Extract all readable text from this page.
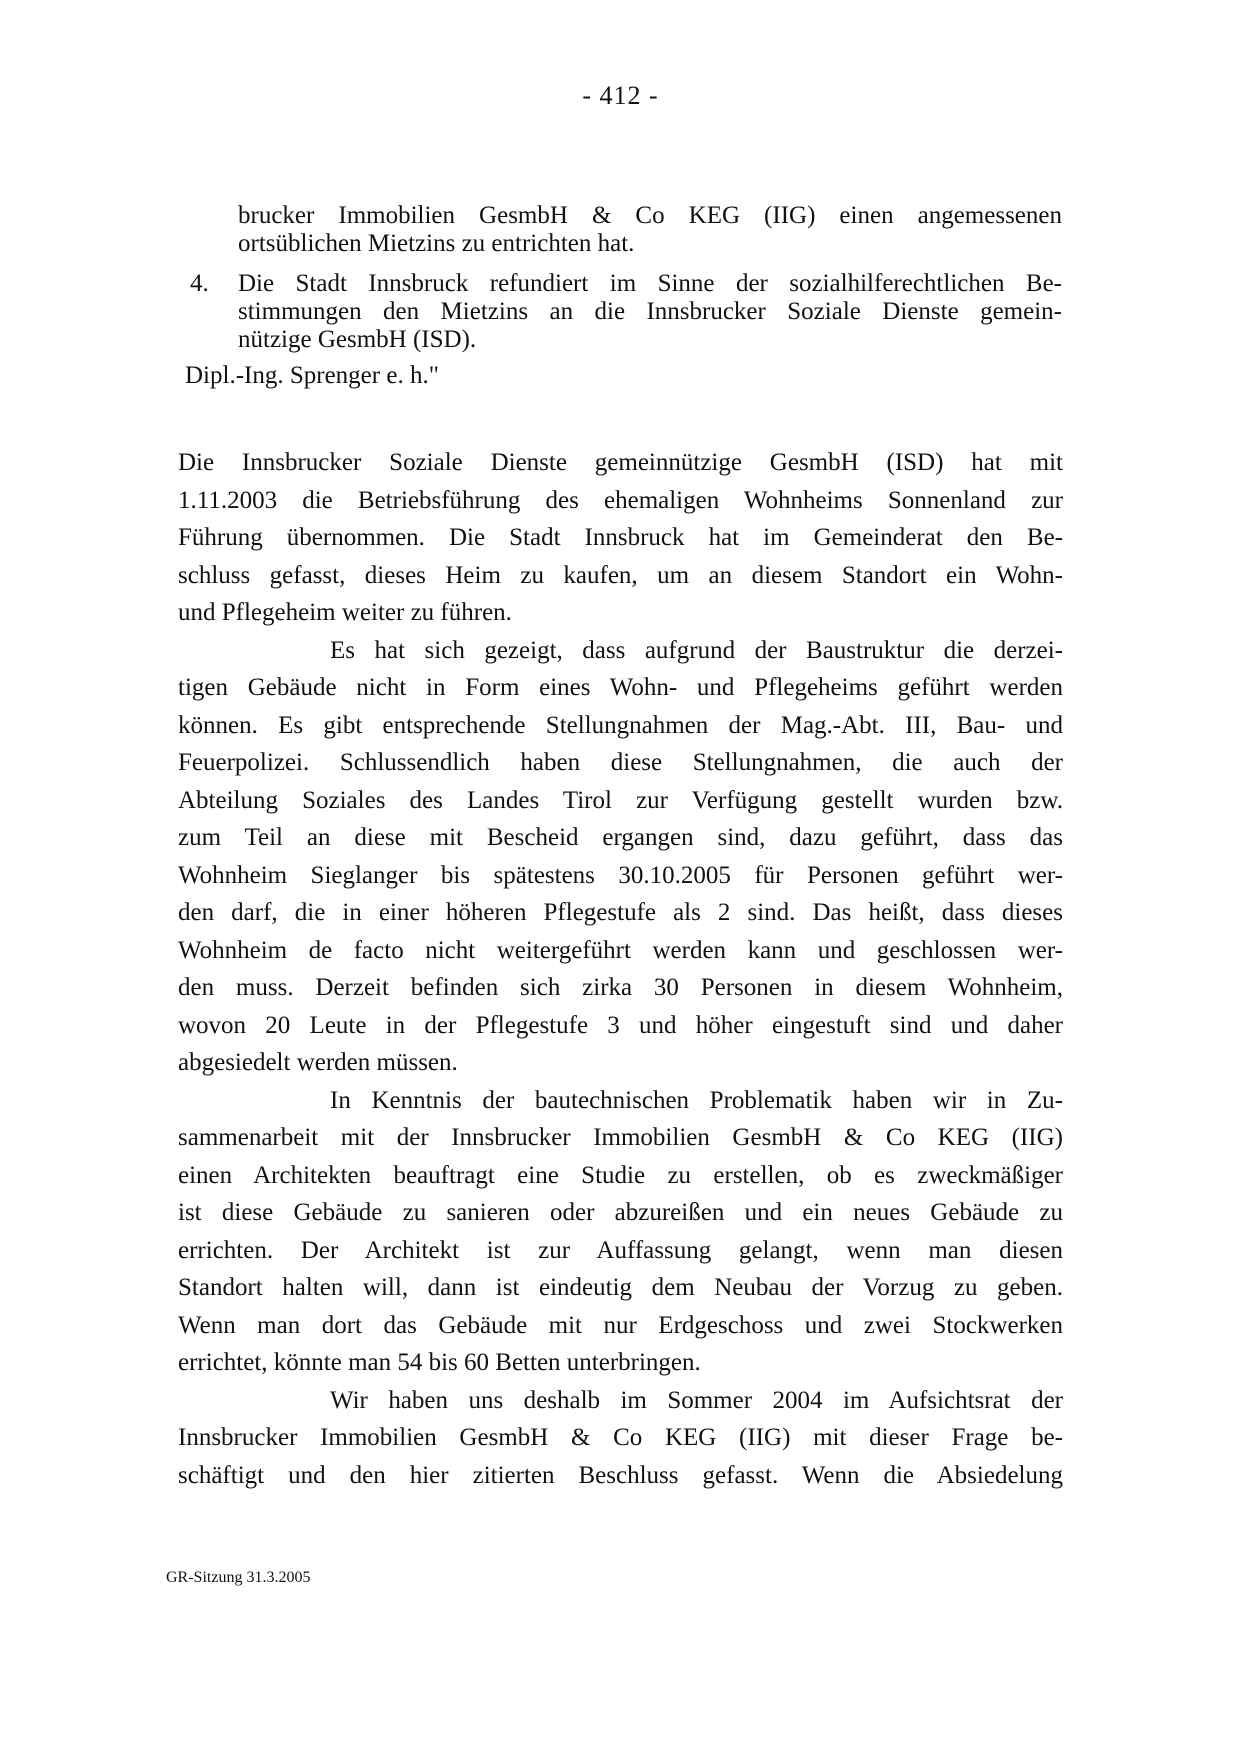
- 412 -
brucker Immobilien GesmbH & Co KEG (IIG) einen angemessenen
ortsüblichen Mietzins zu entrichten hat.
4.	Die Stadt Innsbruck refundiert im Sinne der sozialhilferechtlichen Be-
stimmungen den Mietzins an die Innsbrucker Soziale Dienste gemein-
nützige GesmbH (ISD).
Dipl.-Ing. Sprenger e. h."
Die Innsbrucker Soziale Dienste gemeinnützige GesmbH (ISD) hat mit
1.11.2003 die Betriebsführung des ehemaligen Wohnheims Sonnenland zur
Führung übernommen. Die Stadt Innsbruck hat im Gemeinderat den Be-
schluss gefasst, dieses Heim zu kaufen, um an diesem Standort ein Wohn-
und Pflegeheim weiter zu führen.
Es hat sich gezeigt, dass aufgrund der Baustruktur die derzei-
tigen Gebäude nicht in Form eines Wohn- und Pflegeheims geführt werden
können. Es gibt entsprechende Stellungnahmen der Mag.-Abt. III, Bau- und
Feuerpolizei. Schlussendlich haben diese Stellungnahmen, die auch der
Abteilung Soziales des Landes Tirol zur Verfügung gestellt wurden bzw.
zum Teil an diese mit Bescheid ergangen sind, dazu geführt, dass das
Wohnheim Sieglanger bis spätestens 30.10.2005 für Personen geführt wer-
den darf, die in einer höheren Pflegestufe als 2 sind. Das heißt, dass dieses
Wohnheim de facto nicht weitergeführt werden kann und geschlossen wer-
den muss. Derzeit befinden sich zirka 30 Personen in diesem Wohnheim,
wovon 20 Leute in der Pflegestufe 3 und höher eingestuft sind und daher
abgesiedelt werden müssen.
In Kenntnis der bautechnischen Problematik haben wir in Zu-
sammenarbeit mit der Innsbrucker Immobilien GesmbH & Co KEG (IIG)
einen Architekten beauftragt eine Studie zu erstellen, ob es zweckmäßiger
ist diese Gebäude zu sanieren oder abzureißen und ein neues Gebäude zu
errichten. Der Architekt ist zur Auffassung gelangt, wenn man diesen
Standort halten will, dann ist eindeutig dem Neubau der Vorzug zu geben.
Wenn man dort das Gebäude mit nur Erdgeschoss und zwei Stockwerken
errichtet, könnte man 54 bis 60 Betten unterbringen.
Wir haben uns deshalb im Sommer 2004 im Aufsichtsrat der
Innsbrucker Immobilien GesmbH & Co KEG (IIG) mit dieser Frage be-
schäftigt und den hier zitierten Beschluss gefasst. Wenn die Absiedelung
GR-Sitzung 31.3.2005
